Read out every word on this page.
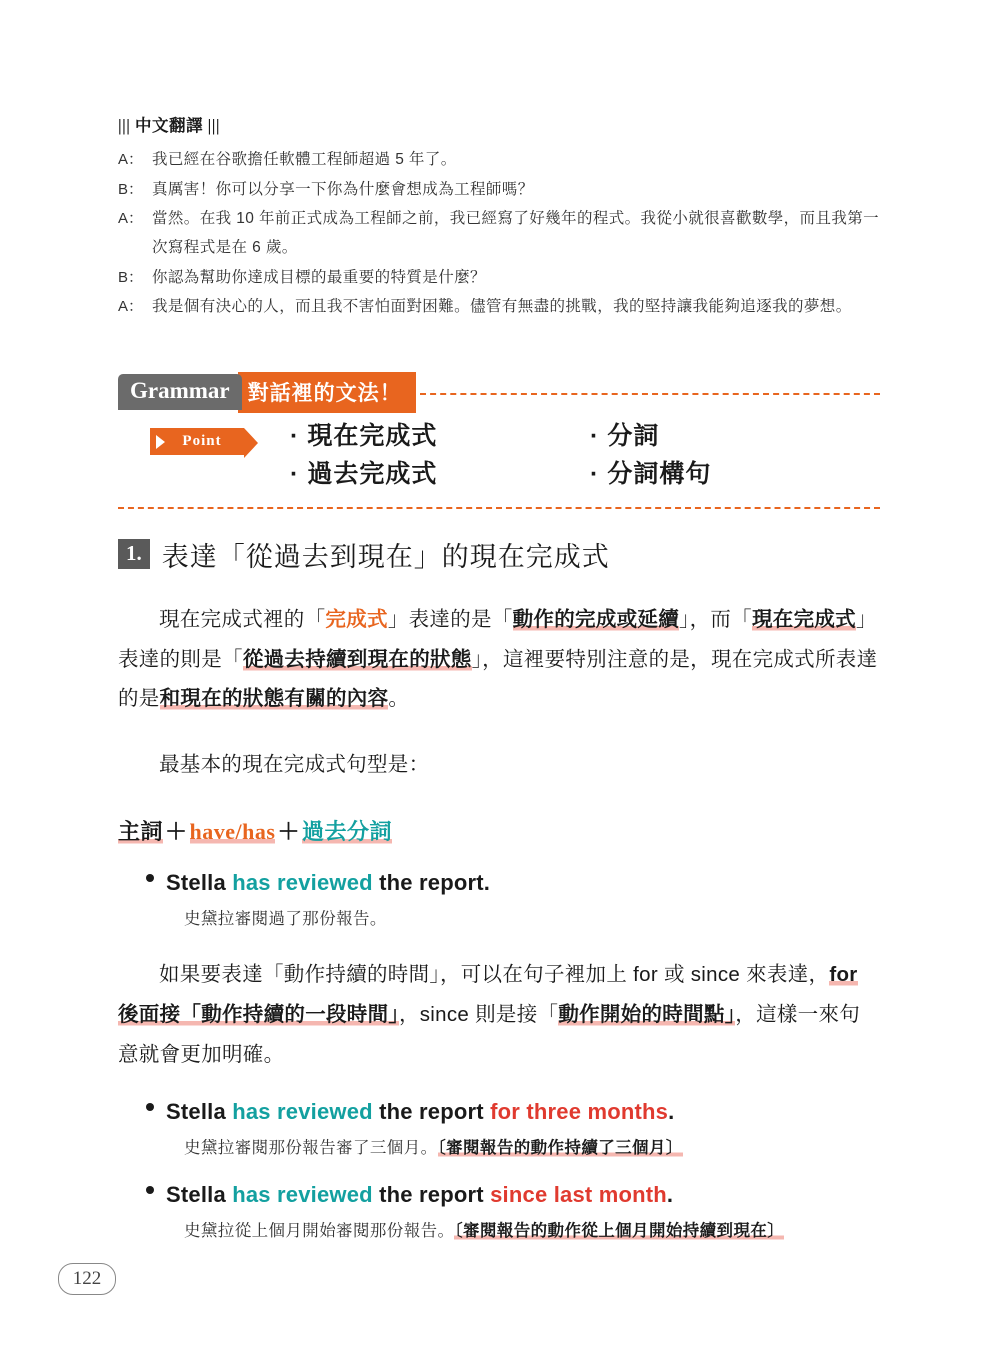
||| 中文翻譯 |||
A： 我已經在谷歌擔任軟體工程師超過 5 年了。
B： 真厲害！你可以分享一下你為什麼會想成為工程師嗎？
A： 當然。在我 10 年前正式成為工程師之前，我已經寫了好幾年的程式。我從小就很喜歡數學，而且我第一次寫程式是在 6 歲。
B： 你認為幫助你達成目標的最重要的特質是什麼？
A： 我是個有決心的人，而且我不害怕面對困難。儘管有無盡的挑戰，我的堅持讓我能夠追逐我的夢想。
Grammar 對話裡的文法！
Point	· 現在完成式	· 分詞
· 過去完成式	· 分詞構句
1. 表達「從過去到現在」的現在完成式

現在完成式裡的「完成式」表達的是「動作的完成或延續」，而「現在完成式」表達的則是「從過去持續到現在的狀態」，這裡要特別注意的是，現在完成式所表達的是和現在的狀態有關的內容。

最基本的現在完成式句型是：

主詞＋have/has＋過去分詞
Stella has reviewed the report.
史黛拉審閱過了那份報告。

如果要表達「動作持續的時間」，可以在句子裡加上 for 或 since 來表達，for 後面接「動作持續的一段時間」，since 則是接「動作開始的時間點」，這樣一來句意就會更加明確。

Stella has reviewed the report for three months.
史黛拉審閱那份報告審了三個月。〔審閱報告的動作持續了三個月〕
Stella has reviewed the report since last month.
史黛拉從上個月開始審閱那份報告。〔審閱報告的動作從上個月開始持續到現在〕
122
